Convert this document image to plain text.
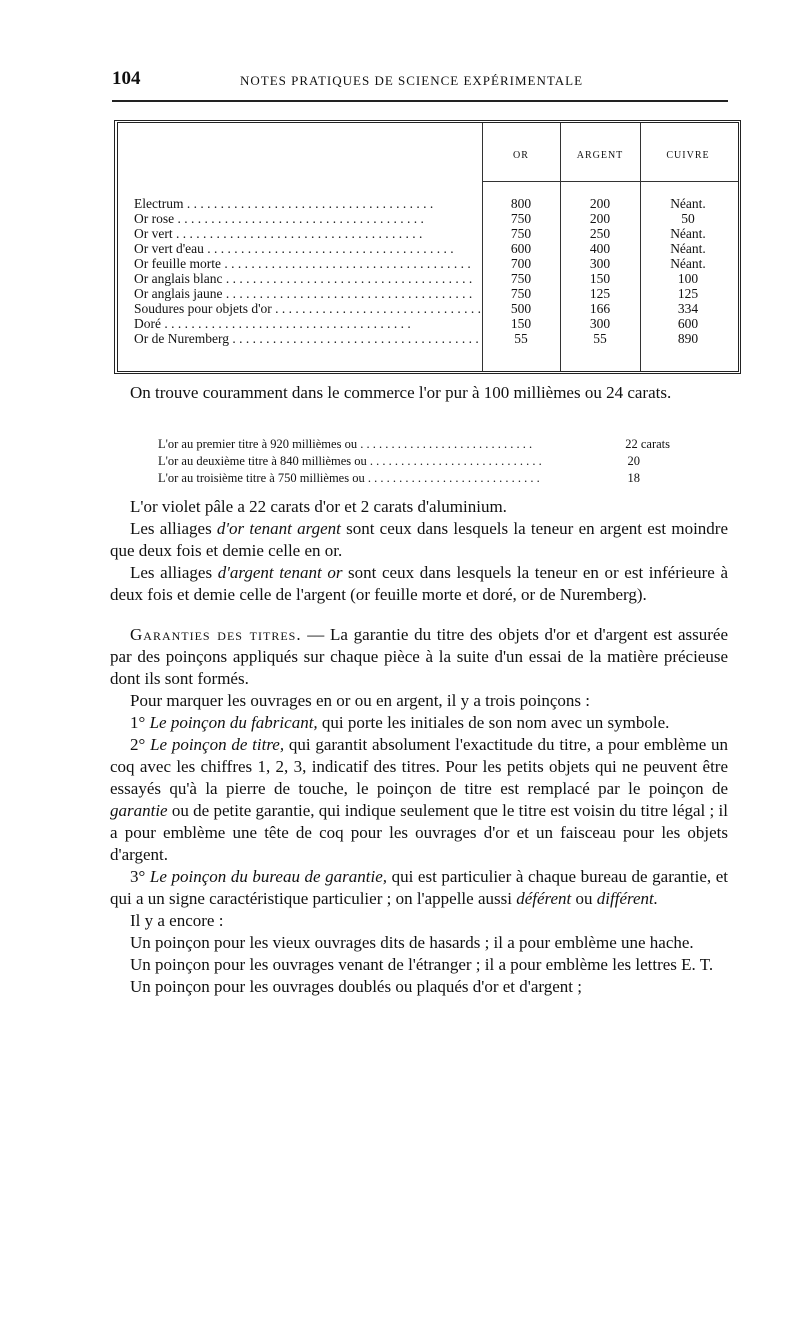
104	NOTES PRATIQUES DE SCIENCE EXPÉRIMENTALE
OR	ARGENT	CUIVRE
Electrum . . .	800	200	Néant.
Or rose . . .	750	200	50
Or vert . . .	750	250	Néant.
Or vert d'eau . . .	600	400	Néant.
Or feuille morte . . .	700	300	Néant.
Or anglais blanc . . .	750	150	100
Or anglais jaune . . .	750	125	125
Soudures pour objets d'or . . .	500	166	334
Doré . . .	150	300	600
Or de Nuremberg . . .	55	55	890

On trouve couramment dans le commerce l'or pur à 100 millièmes ou 24 carats.

L'or au premier titre à 920 millièmes ou . . .	22 carats
L'or au deuxième titre à 840 millièmes ou . . .	20
L'or au troisième titre à 750 millièmes ou . . .	18

L'or violet pâle a 22 carats d'or et 2 carats d'aluminium.

Les alliages d'or tenant argent sont ceux dans lesquels la teneur en argent est moindre que deux fois et demie celle en or.

Les alliages d'argent tenant or sont ceux dans lesquels la teneur en or est inférieure à deux fois et demie celle de l'argent (or feuille morte et doré, or de Nuremberg).

Garanties des titres. — La garantie du titre des objets d'or et d'argent est assurée par des poinçons appliqués sur chaque pièce à la suite d'un essai de la matière précieuse dont ils sont formés.

Pour marquer les ouvrages en or ou en argent, il y a trois poinçons :

1° Le poinçon du fabricant, qui porte les initiales de son nom avec un symbole.

2° Le poinçon de titre, qui garantit absolument l'exactitude du titre, a pour emblème un coq avec les chiffres 1, 2, 3, indicatif des titres. Pour les petits objets qui ne peuvent être essayés qu'à la pierre de touche, le poinçon de titre est remplacé par le poinçon de garantie ou de petite garantie, qui indique seulement que le titre est voisin du titre légal ; il a pour emblème une tête de coq pour les ouvrages d'or et un faisceau pour les objets d'argent.

3° Le poinçon du bureau de garantie, qui est particulier à chaque bureau de garantie, et qui a un signe caractéristique particulier ; on l'appelle aussi déférent ou différent.

Il y a encore :

Un poinçon pour les vieux ouvrages dits de hasards ; il a pour emblème une hache.

Un poinçon pour les ouvrages venant de l'étranger ; il a pour emblème les lettres E. T.

Un poinçon pour les ouvrages doublés ou plaqués d'or et d'argent ;
